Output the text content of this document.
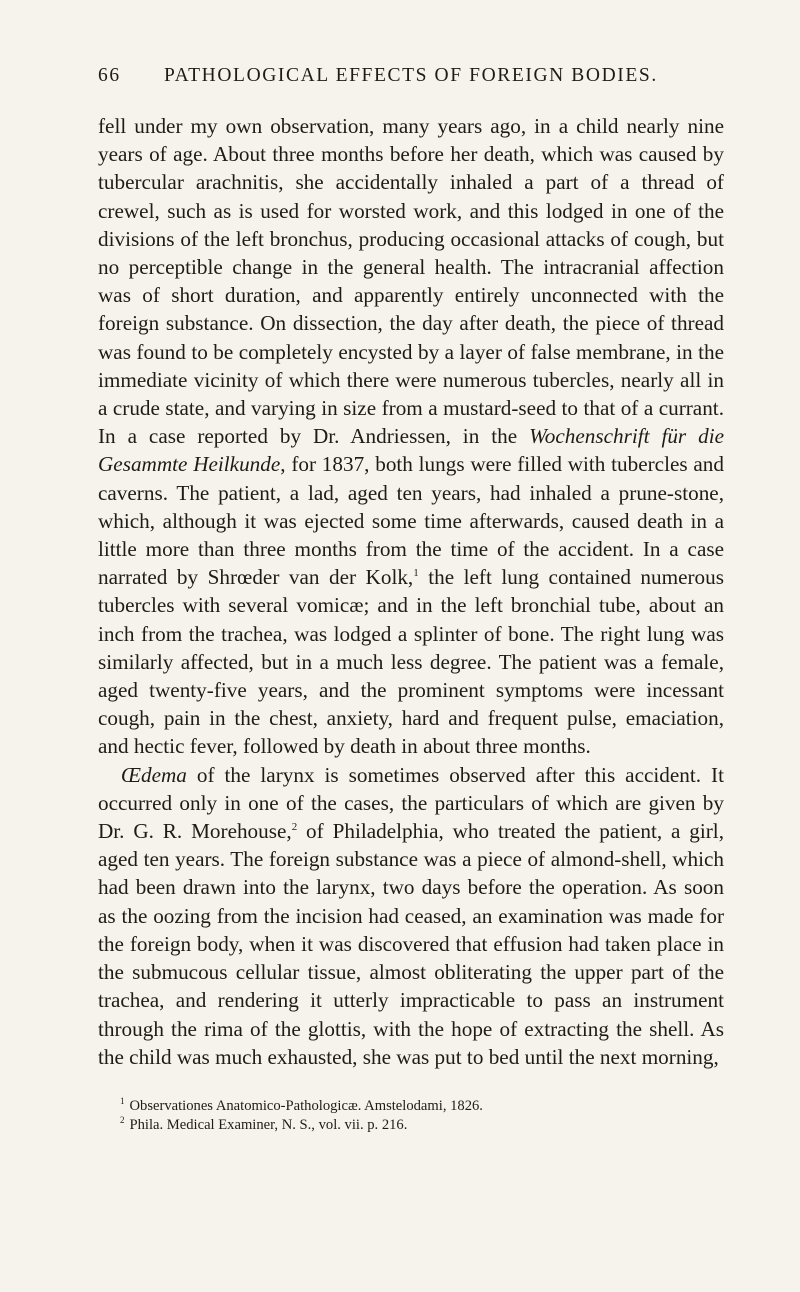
66 PATHOLOGICAL EFFECTS OF FOREIGN BODIES.

fell under my own observation, many years ago, in a child nearly nine years of age. About three months before her death, which was caused by tubercular arachnitis, she accidentally inhaled a part of a thread of crewel, such as is used for worsted work, and this lodged in one of the divisions of the left bronchus, producing occasional attacks of cough, but no perceptible change in the general health. The intracranial affection was of short duration, and apparently entirely unconnected with the foreign substance. On dissection, the day after death, the piece of thread was found to be completely encysted by a layer of false membrane, in the immediate vicinity of which there were numerous tubercles, nearly all in a crude state, and varying in size from a mustard-seed to that of a currant. In a case reported by Dr. Andriessen, in the Wochenschrift für die Gesammte Heilkunde, for 1837, both lungs were filled with tubercles and caverns. The patient, a lad, aged ten years, had inhaled a prune-stone, which, although it was ejected some time afterwards, caused death in a little more than three months from the time of the accident. In a case narrated by Shrœder van der Kolk,$^1$ the left lung contained numerous tubercles with several vomicæ; and in the left bronchial tube, about an inch from the trachea, was lodged a splinter of bone. The right lung was similarly affected, but in a much less degree. The patient was a female, aged twenty-five years, and the prominent symptoms were incessant cough, pain in the chest, anxiety, hard and frequent pulse, emaciation, and hectic fever, followed by death in about three months.

Œdema of the larynx is sometimes observed after this accident. It occurred only in one of the cases, the particulars of which are given by Dr. G. R. Morehouse,$^2$ of Philadelphia, who treated the patient, a girl, aged ten years. The foreign substance was a piece of almond-shell, which had been drawn into the larynx, two days before the operation. As soon as the oozing from the incision had ceased, an examination was made for the foreign body, when it was discovered that effusion had taken place in the submucous cellular tissue, almost obliterating the upper part of the trachea, and rendering it utterly impracticable to pass an instrument through the rima of the glottis, with the hope of extracting the shell. As the child was much exhausted, she was put to bed until the next morning,

$^1$ Observationes Anatomico-Pathologicæ. Amstelodami, 1826.
$^2$ Phila. Medical Examiner, N. S., vol. vii. p. 216.
